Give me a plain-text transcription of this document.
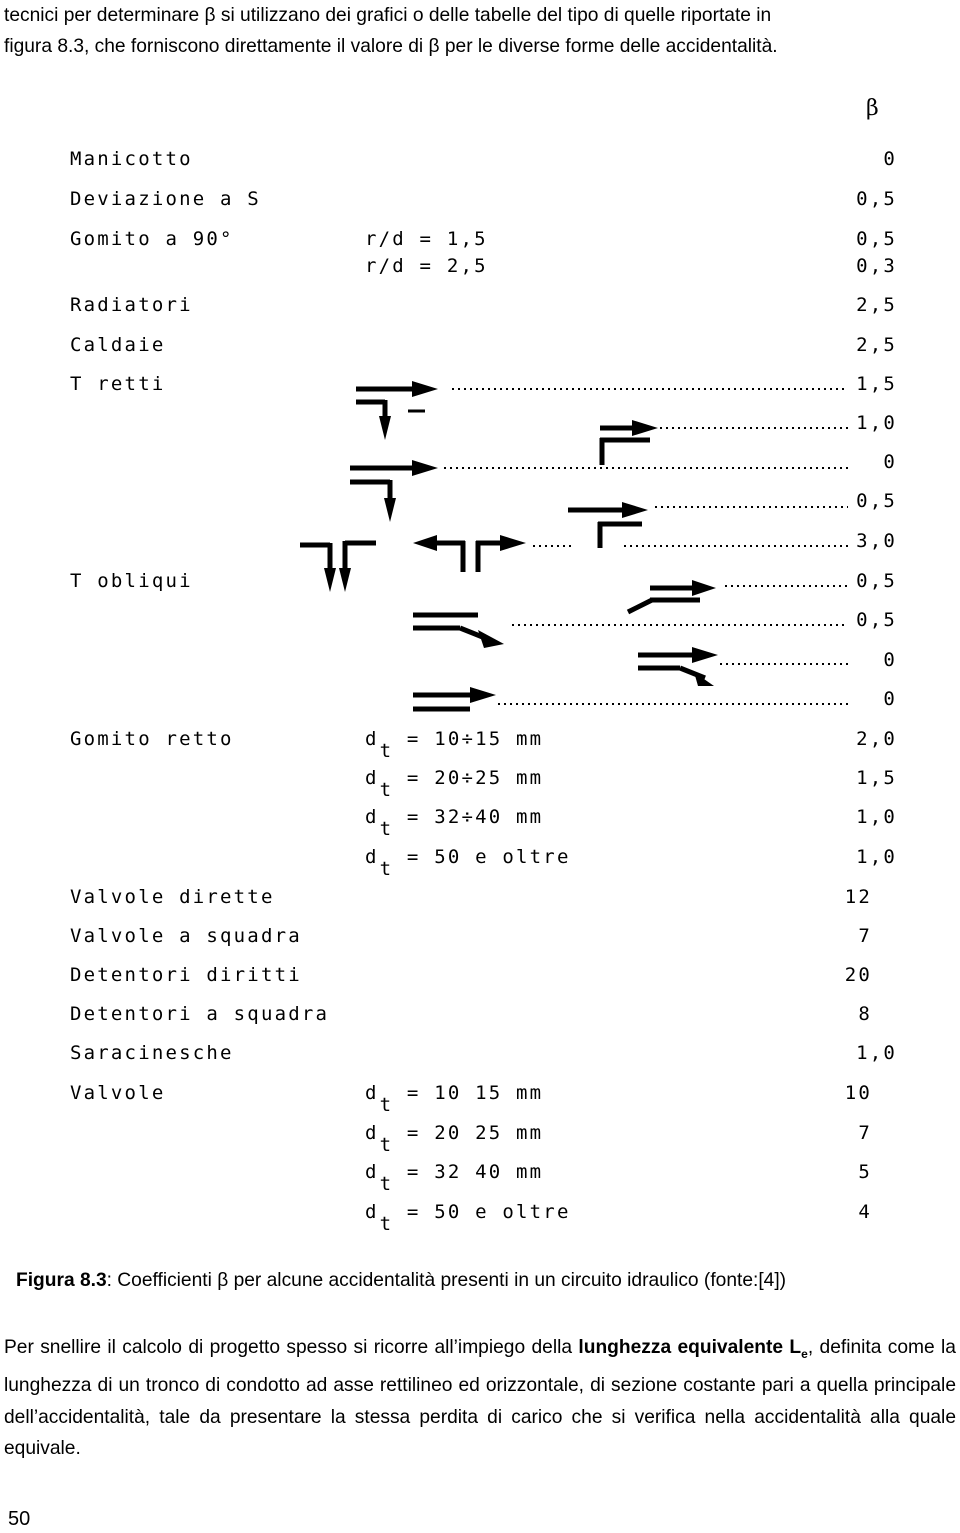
tecnici per determinare β si utilizzano dei grafici o delle tabelle del tipo di quelle riportate in

figura 8.3, che forniscono direttamente il valore di β per le diverse forme delle accidentalità.

β
Manicotto
Deviazione a S
Gomito a 90°
Radiatori
Caldaie
T retti
T obliqui
Gomito retto
Valvole dirette
Valvole a squadra
Detentori diritti
Detentori a squadra
Saracinesche
Valvole
r/d = 1,5
r/d = 2,5
dt = 10÷15 mm
dt = 20÷25 mm
dt = 32÷40 mm
dt = 50 e oltre
dt = 10 15 mm
dt = 20 25 mm
dt = 32 40 mm
dt = 50 e oltre
0
0,5
0,5
0,3
2,5
2,5
1,5
1,0
0
0,5
3,0
0,5
0,5
0
0
2,0
1,5
1,0
1,0
12
7
20
8
1,0
10
7
5
4
Figura 8.3: Coefficienti β per alcune accidentalità presenti in un circuito idraulico (fonte:[4])

Per snellire il calcolo di progetto spesso si ricorre all’impiego della lunghezza equivalente $L_e$, definita come la lunghezza di un tronco di condotto ad asse rettilineo ed orizzontale, di sezione costante pari a quella principale dell’accidentalità, tale da presentare la stessa perdita di carico che si verifica nella accidentalità alla quale equivale.

50
